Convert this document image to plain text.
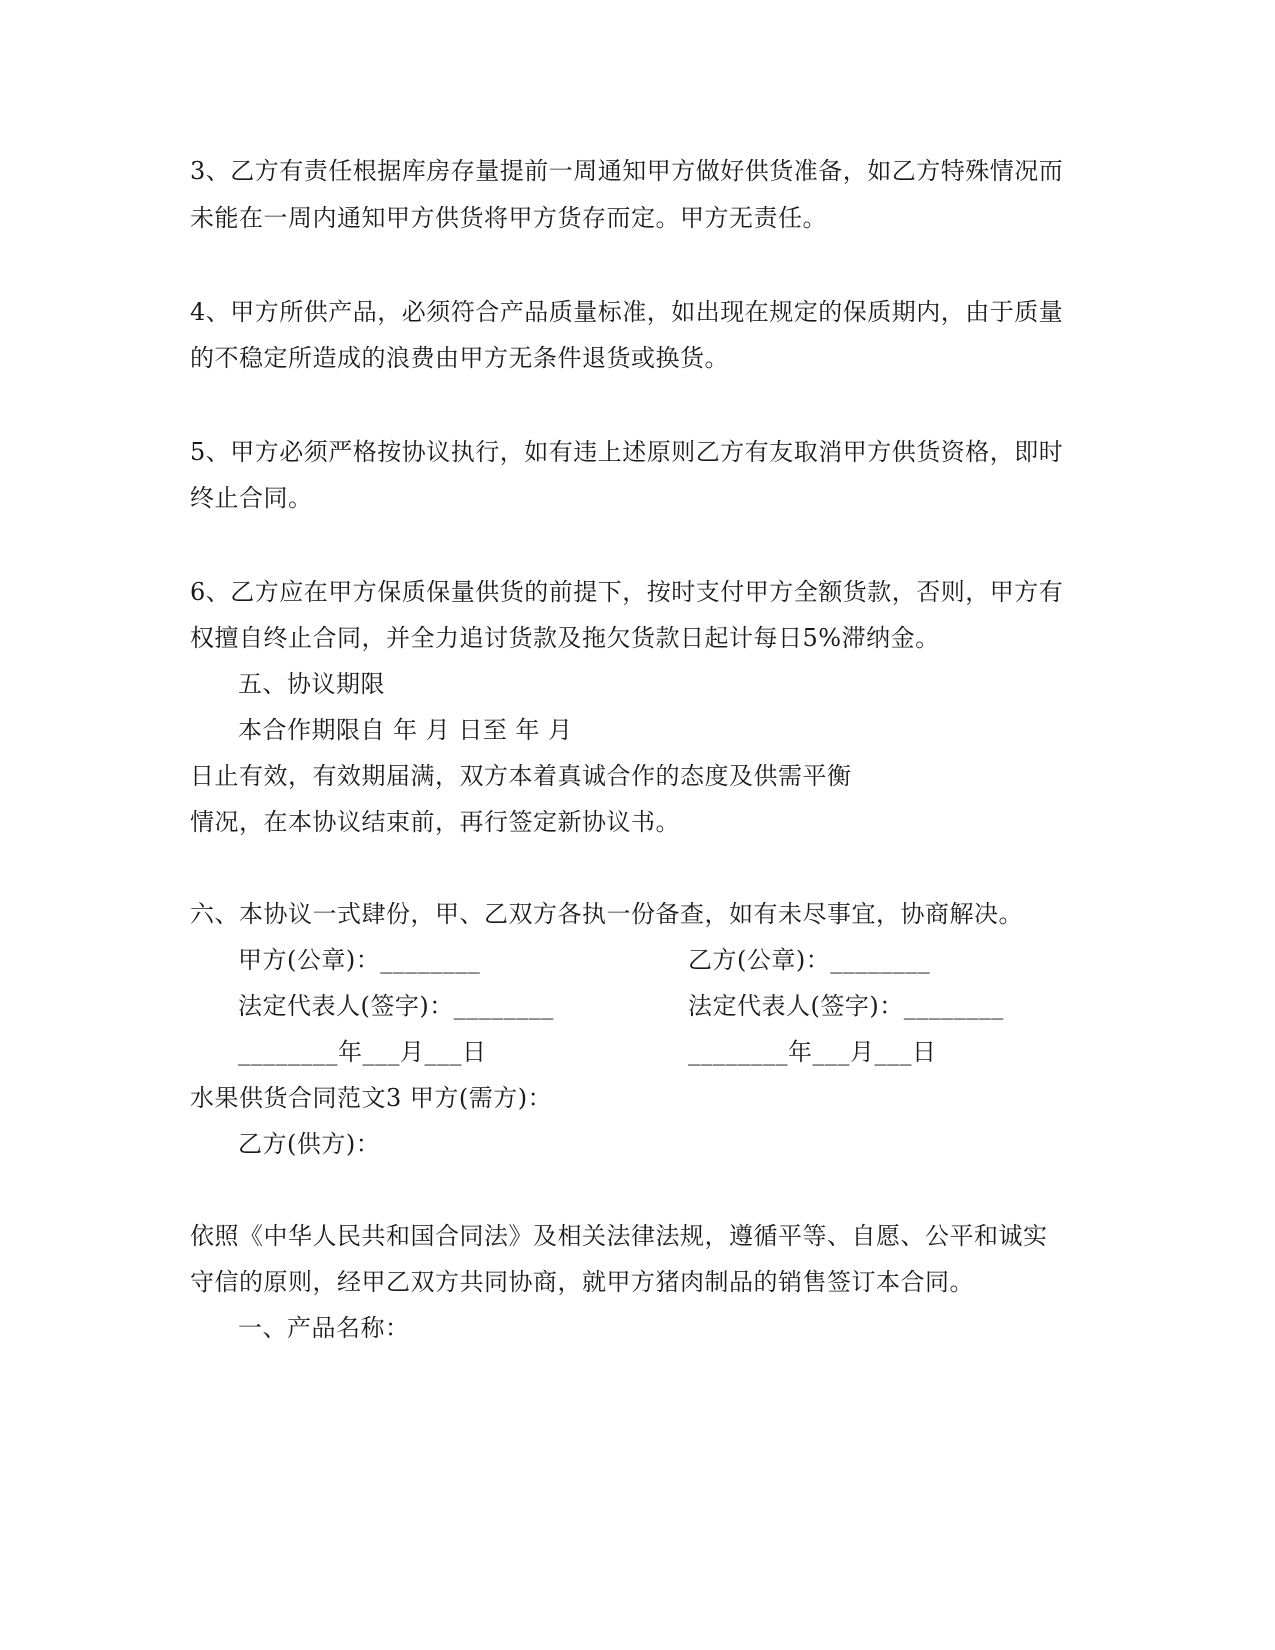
3、乙方有责任根据库房存量提前一周通知甲方做好供货准备，如乙方特殊情况而
未能在一周内通知甲方供货将甲方货存而定。甲方无责任。
4、甲方所供产品，必须符合产品质量标准，如出现在规定的保质期内，由于质量
的不稳定所造成的浪费由甲方无条件退货或换货。
5、甲方必须严格按协议执行，如有违上述原则乙方有友取消甲方供货资格，即时
终止合同。
6、乙方应在甲方保质保量供货的前提下，按时支付甲方全额货款，否则，甲方有
权擅自终止合同，并全力追讨货款及拖欠货款日起计每日5%滞纳金。
五、协议期限
本合作期限自 年 月 日至 年 月
日止有效，有效期届满，双方本着真诚合作的态度及供需平衡
情况，在本协议结束前，再行签定新协议书。
六、本协议一式肆份，甲、乙双方各执一份备查，如有未尽事宜，协商解决。
甲方(公章)：________	乙方(公章)：________
法定代表人(签字)：________	法定代表人(签字)：________
________年___月___日	________年___月___日
水果供货合同范文3 甲方(需方)：
乙方(供方)：
依照《中华人民共和国合同法》及相关法律法规，遵循平等、自愿、公平和诚实
守信的原则，经甲乙双方共同协商，就甲方猪肉制品的销售签订本合同。
一、产品名称：
